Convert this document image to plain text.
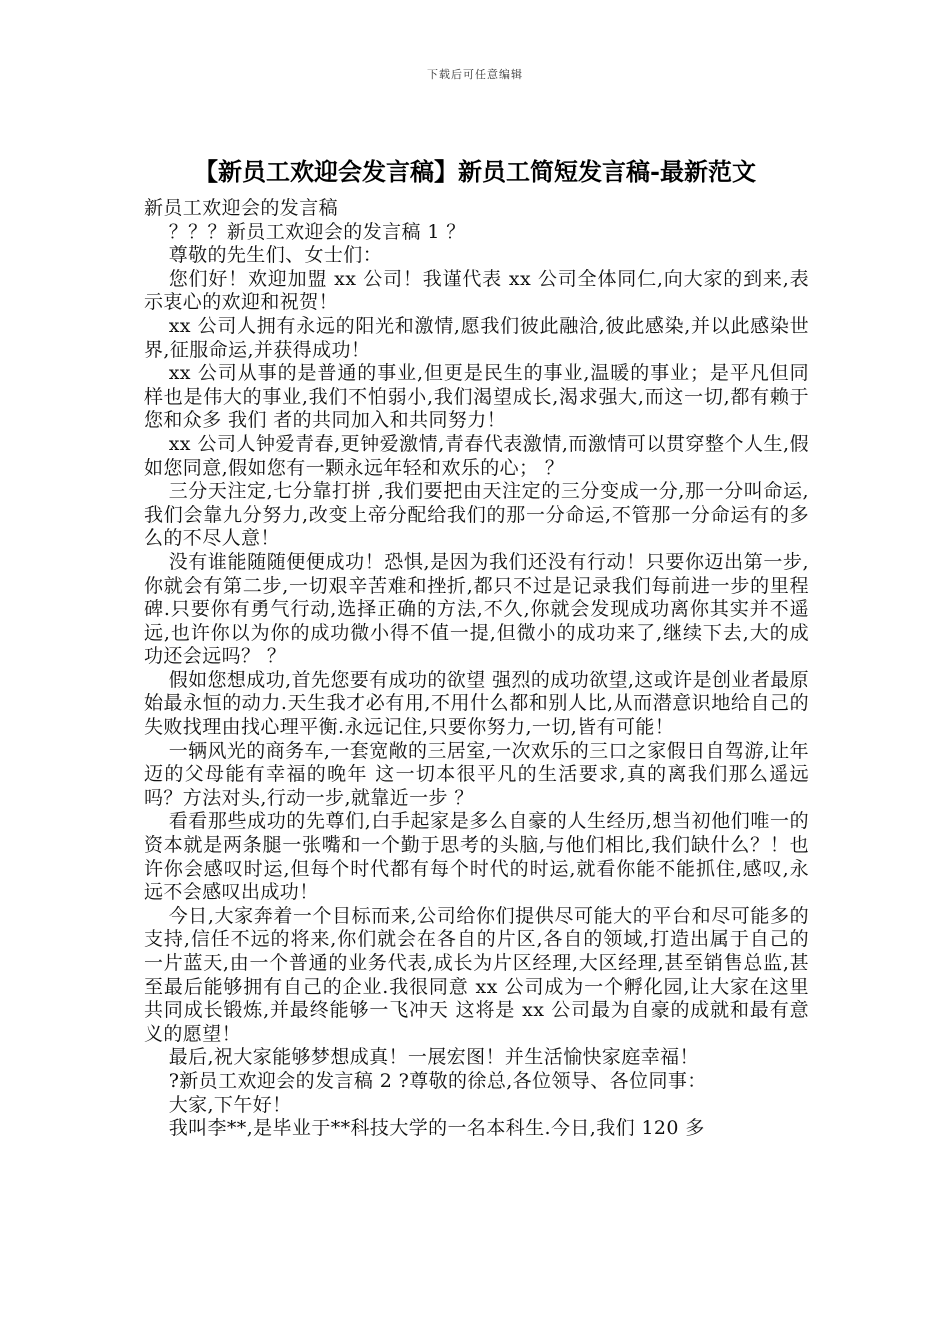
下载后可任意编辑
【新员工欢迎会发言稿】新员工简短发言稿-最新范文

新员工欢迎会的发言稿

？？？新员工欢迎会的发言稿 1 ？

尊敬的先生们、女士们：

您们好！欢迎加盟 xx 公司！我谨代表 xx 公司全体同仁,向大家的到来,表示衷心的欢迎和祝贺！

xx 公司人拥有永远的阳光和激情,愿我们彼此融洽,彼此感染,并以此感染世界,征服命运,并获得成功！

xx 公司从事的是普通的事业,但更是民生的事业,温暖的事业；是平凡但同样也是伟大的事业,我们不怕弱小,我们渴望成长,渴求强大,而这一切,都有赖于您和众多 我们 者的共同加入和共同努力！

xx 公司人钟爱青春,更钟爱激情,青春代表激情,而激情可以贯穿整个人生,假如您同意,假如您有一颗永远年轻和欢乐的心； ？

三分天注定,七分靠打拼 ,我们要把由天注定的三分变成一分,那一分叫命运,我们会靠九分努力,改变上帝分配给我们的那一分命运,不管那一分命运有的多么的不尽人意！

没有谁能随随便便成功！恐惧,是因为我们还没有行动！只要你迈出第一步,你就会有第二步,一切艰辛苦难和挫折,都只不过是记录我们每前进一步的里程碑.只要你有勇气行动,选择正确的方法,不久,你就会发现成功离你其实并不遥远,也许你以为你的成功微小得不值一提,但微小的成功来了,继续下去,大的成功还会远吗？ ？

假如您想成功,首先您要有成功的欲望 强烈的成功欲望,这或许是创业者最原始最永恒的动力.天生我才必有用,不用什么都和别人比,从而潜意识地给自己的失败找理由找心理平衡.永远记住,只要你努力,一切,皆有可能！

一辆风光的商务车,一套宽敞的三居室,一次欢乐的三口之家假日自驾游,让年迈的父母能有幸福的晚年 这一切本很平凡的生活要求,真的离我们那么遥远吗？方法对头,行动一步,就靠近一步 ？

看看那些成功的先尊们,白手起家是多么自豪的人生经历,想当初他们唯一的资本就是两条腿一张嘴和一个勤于思考的头脑,与他们相比,我们缺什么？！也许你会感叹时运,但每个时代都有每个时代的时运,就看你能不能抓住,感叹,永远不会感叹出成功！

今日,大家奔着一个目标而来,公司给你们提供尽可能大的平台和尽可能多的支持,信任不远的将来,你们就会在各自的片区,各自的领域,打造出属于自己的一片蓝天,由一个普通的业务代表,成长为片区经理,大区经理,甚至销售总监,甚至最后能够拥有自己的企业.我很同意 xx 公司成为一个孵化园,让大家在这里共同成长锻炼,并最终能够一飞冲天 这将是 xx 公司最为自豪的成就和最有意义的愿望！

最后,祝大家能够梦想成真！一展宏图！并生活愉快家庭幸福！

?新员工欢迎会的发言稿 2 ?尊敬的徐总,各位领导、各位同事：

大家,下午好！

我叫李**,是毕业于**科技大学的一名本科生.今日,我们 120 多
